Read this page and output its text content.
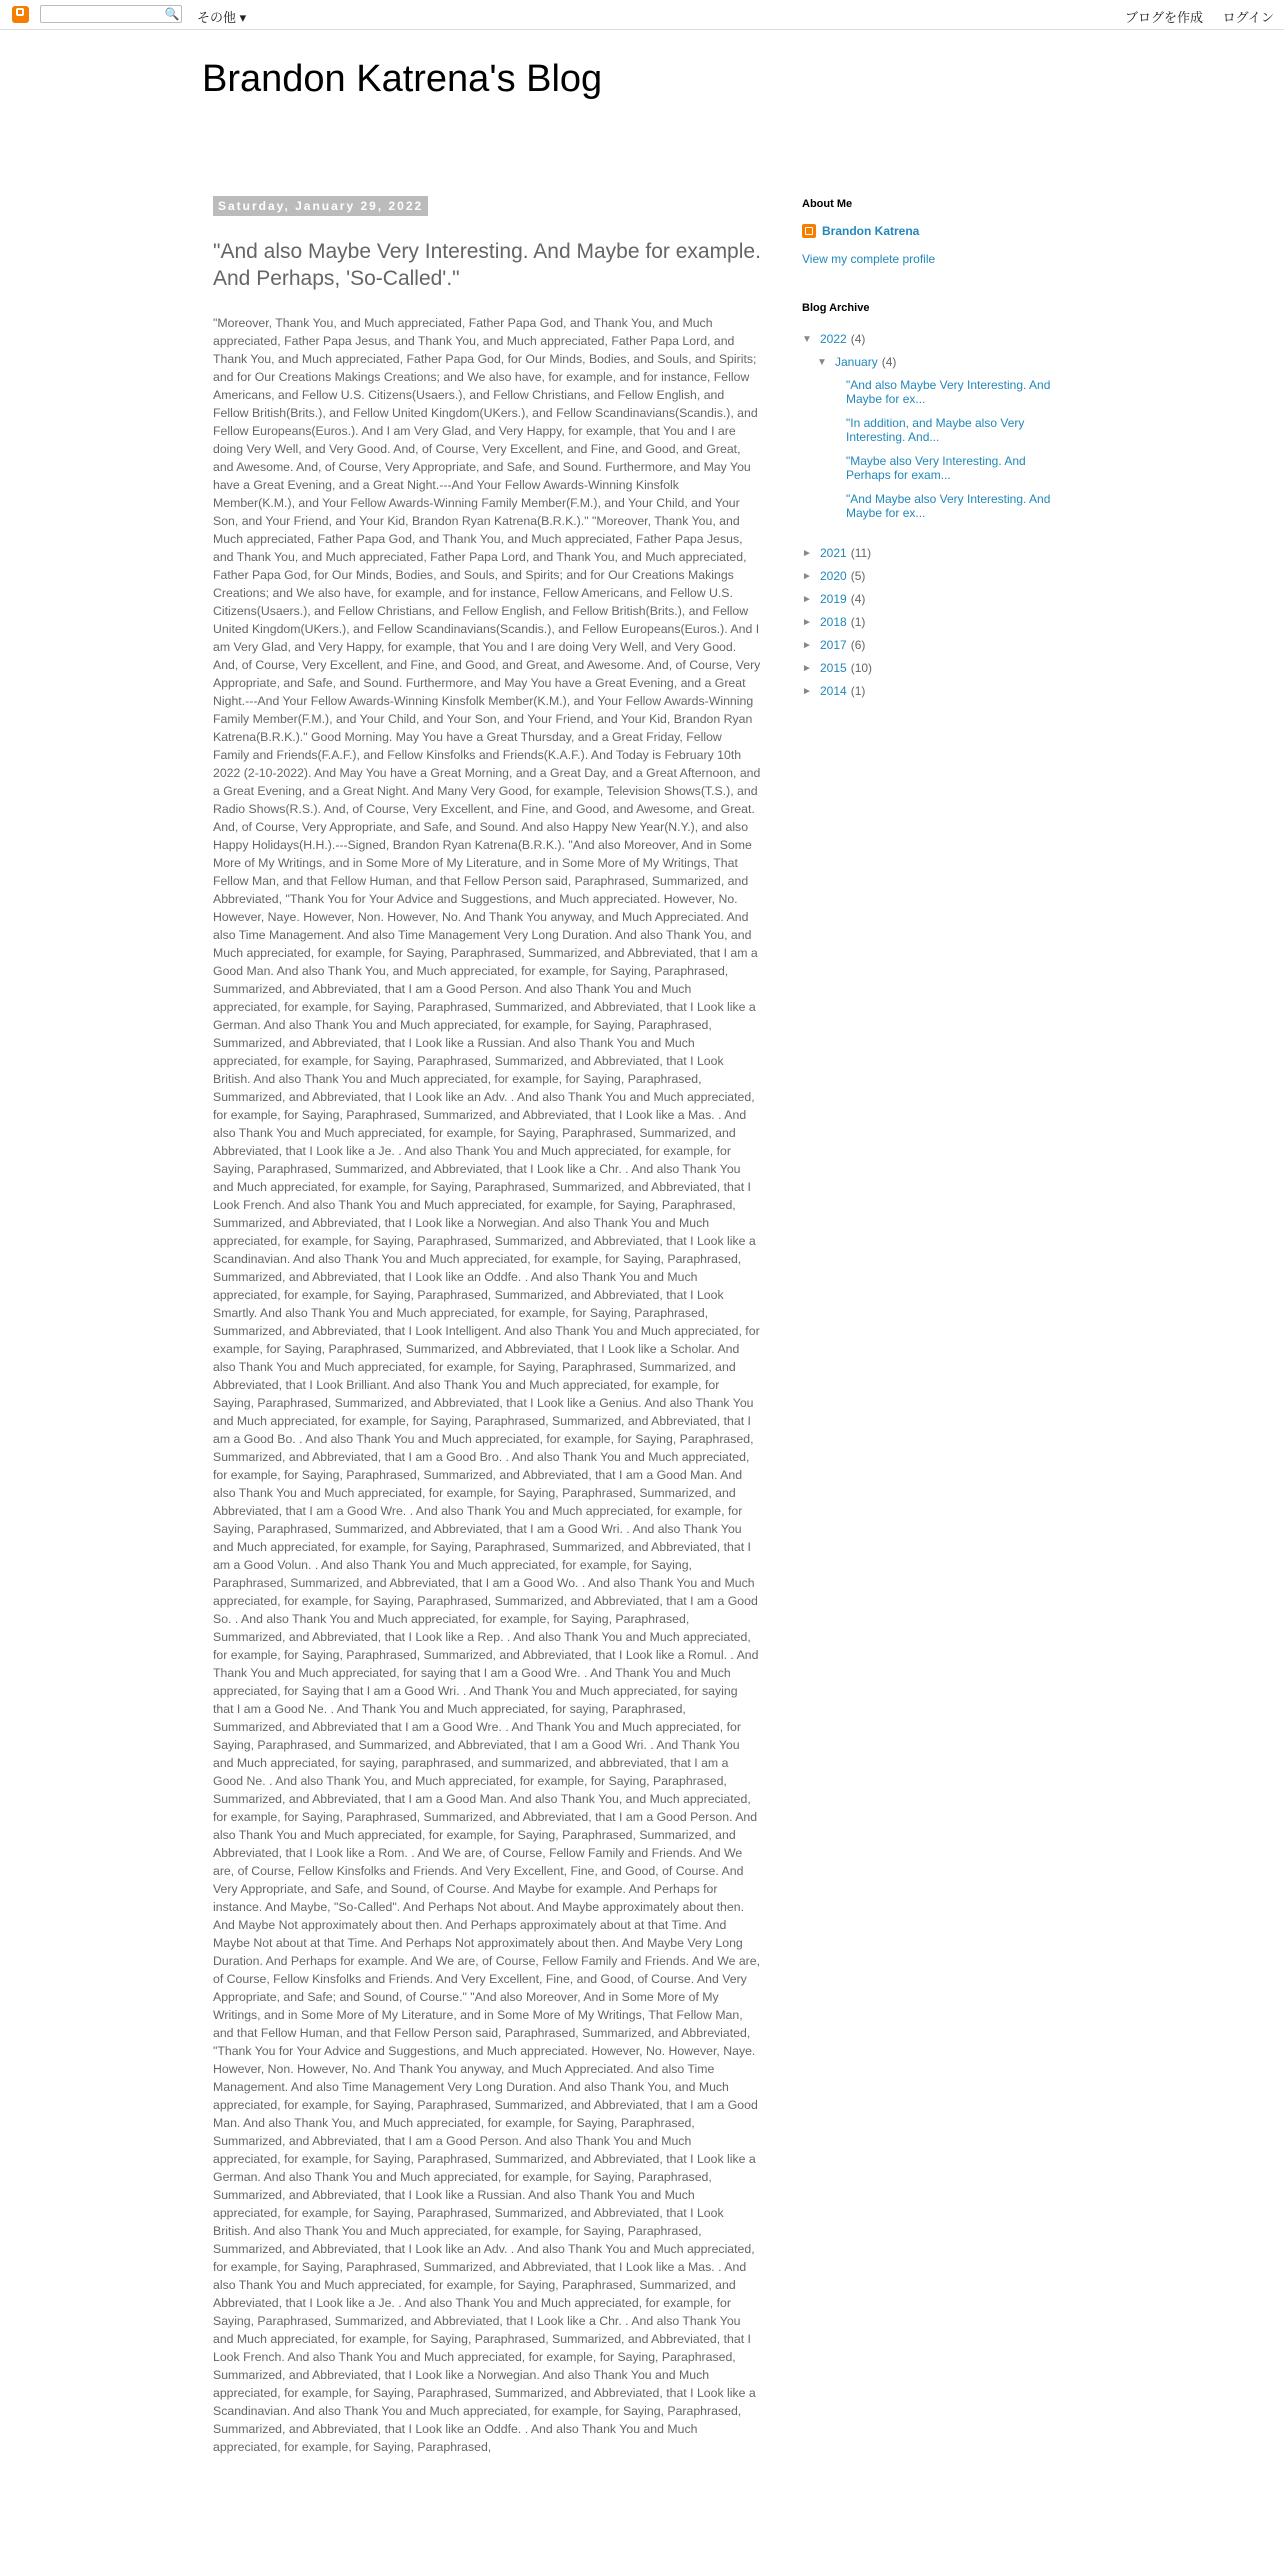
🔍 その他 ▾	ブログを作成 ログイン
Brandon Katrena's Blog
Saturday, January 29, 2022
"And also Maybe Very Interesting. And Maybe for example. And Perhaps, 'So-Called'."

"Moreover, Thank You, and Much appreciated, Father Papa God, and Thank You, and Much appreciated, Father Papa Jesus, and Thank You, and Much appreciated, Father Papa Lord, and Thank You, and Much appreciated, Father Papa God, for Our Minds, Bodies, and Souls, and Spirits; and for Our Creations Makings Creations; and We also have, for example, and for instance, Fellow Americans, and Fellow U.S. Citizens(Usaers.), and Fellow Christians, and Fellow English, and Fellow British(Brits.), and Fellow United Kingdom(UKers.), and Fellow Scandinavians(Scandis.), and Fellow Europeans(Euros.). And I am Very Glad, and Very Happy, for example, that You and I are doing Very Well, and Very Good. And, of Course, Very Excellent, and Fine, and Good, and Great, and Awesome. And, of Course, Very Appropriate, and Safe, and Sound. Furthermore, and May You have a Great Evening, and a Great Night.---And Your Fellow Awards-Winning Kinsfolk Member(K.M.), and Your Fellow Awards-Winning Family Member(F.M.), and Your Child, and Your Son, and Your Friend, and Your Kid, Brandon Ryan Katrena(B.R.K.)." "Moreover, Thank You, and Much appreciated, Father Papa God, and Thank You, and Much appreciated, Father Papa Jesus, and Thank You, and Much appreciated, Father Papa Lord, and Thank You, and Much appreciated, Father Papa God, for Our Minds, Bodies, and Souls, and Spirits; and for Our Creations Makings Creations; and We also have, for example, and for instance, Fellow Americans, and Fellow U.S. Citizens(Usaers.), and Fellow Christians, and Fellow English, and Fellow British(Brits.), and Fellow United Kingdom(UKers.), and Fellow Scandinavians(Scandis.), and Fellow Europeans(Euros.). And I am Very Glad, and Very Happy, for example, that You and I are doing Very Well, and Very Good. And, of Course, Very Excellent, and Fine, and Good, and Great, and Awesome. And, of Course, Very Appropriate, and Safe, and Sound. Furthermore, and May You have a Great Evening, and a Great Night.---And Your Fellow Awards-Winning Kinsfolk Member(K.M.), and Your Fellow Awards-Winning Family Member(F.M.), and Your Child, and Your Son, and Your Friend, and Your Kid, Brandon Ryan Katrena(B.R.K.)." Good Morning. May You have a Great Thursday, and a Great Friday, Fellow Family and Friends(F.A.F.), and Fellow Kinsfolks and Friends(K.A.F.). And Today is February 10th 2022 (2-10-2022). And May You have a Great Morning, and a Great Day, and a Great Afternoon, and a Great Evening, and a Great Night. And Many Very Good, for example, Television Shows(T.S.), and Radio Shows(R.S.). And, of Course, Very Excellent, and Fine, and Good, and Awesome, and Great. And, of Course, Very Appropriate, and Safe, and Sound. And also Happy New Year(N.Y.), and also Happy Holidays(H.H.).---Signed, Brandon Ryan Katrena(B.R.K.). "And also Moreover, And in Some More of My Writings, and in Some More of My Literature, and in Some More of My Writings, That Fellow Man, and that Fellow Human, and that Fellow Person said, Paraphrased, Summarized, and Abbreviated, "Thank You for Your Advice and Suggestions, and Much appreciated. However, No. However, Naye. However, Non. However, No. And Thank You anyway, and Much Appreciated. And also Time Management. And also Time Management Very Long Duration. And also Thank You, and Much appreciated, for example, for Saying, Paraphrased, Summarized, and Abbreviated, that I am a Good Man. And also Thank You, and Much appreciated, for example, for Saying, Paraphrased, Summarized, and Abbreviated, that I am a Good Person. And also Thank You and Much appreciated, for example, for Saying, Paraphrased, Summarized, and Abbreviated, that I Look like a German. And also Thank You and Much appreciated, for example, for Saying, Paraphrased, Summarized, and Abbreviated, that I Look like a Russian. And also Thank You and Much appreciated, for example, for Saying, Paraphrased, Summarized, and Abbreviated, that I Look British. And also Thank You and Much appreciated, for example, for Saying, Paraphrased, Summarized, and Abbreviated, that I Look like an Adv. . And also Thank You and Much appreciated, for example, for Saying, Paraphrased, Summarized, and Abbreviated, that I Look like a Mas. . And also Thank You and Much appreciated, for example, for Saying, Paraphrased, Summarized, and Abbreviated, that I Look like a Je. . And also Thank You and Much appreciated, for example, for Saying, Paraphrased, Summarized, and Abbreviated, that I Look like a Chr. . And also Thank You and Much appreciated, for example, for Saying, Paraphrased, Summarized, and Abbreviated, that I Look French. And also Thank You and Much appreciated, for example, for Saying, Paraphrased, Summarized, and Abbreviated, that I Look like a Norwegian. And also Thank You and Much appreciated, for example, for Saying, Paraphrased, Summarized, and Abbreviated, that I Look like a Scandinavian. And also Thank You and Much appreciated, for example, for Saying, Paraphrased, Summarized, and Abbreviated, that I Look like an Oddfe. . And also Thank You and Much appreciated, for example, for Saying, Paraphrased, Summarized, and Abbreviated, that I Look Smartly. And also Thank You and Much appreciated, for example, for Saying, Paraphrased, Summarized, and Abbreviated, that I Look Intelligent. And also Thank You and Much appreciated, for example, for Saying, Paraphrased, Summarized, and Abbreviated, that I Look like a Scholar. And also Thank You and Much appreciated, for example, for Saying, Paraphrased, Summarized, and Abbreviated, that I Look Brilliant. And also Thank You and Much appreciated, for example, for Saying, Paraphrased, Summarized, and Abbreviated, that I Look like a Genius. And also Thank You and Much appreciated, for example, for Saying, Paraphrased, Summarized, and Abbreviated, that I am a Good Bo. . And also Thank You and Much appreciated, for example, for Saying, Paraphrased, Summarized, and Abbreviated, that I am a Good Bro. . And also Thank You and Much appreciated, for example, for Saying, Paraphrased, Summarized, and Abbreviated, that I am a Good Man. And also Thank You and Much appreciated, for example, for Saying, Paraphrased, Summarized, and Abbreviated, that I am a Good Wre. . And also Thank You and Much appreciated, for example, for Saying, Paraphrased, Summarized, and Abbreviated, that I am a Good Wri. . And also Thank You and Much appreciated, for example, for Saying, Paraphrased, Summarized, and Abbreviated, that I am a Good Volun. . And also Thank You and Much appreciated, for example, for Saying, Paraphrased, Summarized, and Abbreviated, that I am a Good Wo. . And also Thank You and Much appreciated, for example, for Saying, Paraphrased, Summarized, and Abbreviated, that I am a Good So. . And also Thank You and Much appreciated, for example, for Saying, Paraphrased, Summarized, and Abbreviated, that I Look like a Rep. . And also Thank You and Much appreciated, for example, for Saying, Paraphrased, Summarized, and Abbreviated, that I Look like a Romul. . And Thank You and Much appreciated, for saying that I am a Good Wre. . And Thank You and Much appreciated, for Saying that I am a Good Wri. . And Thank You and Much appreciated, for saying that I am a Good Ne. . And Thank You and Much appreciated, for saying, Paraphrased, Summarized, and Abbreviated that I am a Good Wre. . And Thank You and Much appreciated, for Saying, Paraphrased, and Summarized, and Abbreviated, that I am a Good Wri. . And Thank You and Much appreciated, for saying, paraphrased, and summarized, and abbreviated, that I am a Good Ne. . And also Thank You, and Much appreciated, for example, for Saying, Paraphrased, Summarized, and Abbreviated, that I am a Good Man. And also Thank You, and Much appreciated, for example, for Saying, Paraphrased, Summarized, and Abbreviated, that I am a Good Person. And also Thank You and Much appreciated, for example, for Saying, Paraphrased, Summarized, and Abbreviated, that I Look like a Rom. . And We are, of Course, Fellow Family and Friends. And We are, of Course, Fellow Kinsfolks and Friends. And Very Excellent, Fine, and Good, of Course. And Very Appropriate, and Safe, and Sound, of Course. And Maybe for example. And Perhaps for instance. And Maybe, "So-Called". And Perhaps Not about. And Maybe approximately about then. And Maybe Not approximately about then. And Perhaps approximately about at that Time. And Maybe Not about at that Time. And Perhaps Not approximately about then. And Maybe Very Long Duration. And Perhaps for example. And We are, of Course, Fellow Family and Friends. And We are, of Course, Fellow Kinsfolks and Friends. And Very Excellent, Fine, and Good, of Course. And Very Appropriate, and Safe; and Sound, of Course." "And also Moreover, And in Some More of My Writings, and in Some More of My Literature, and in Some More of My Writings, That Fellow Man, and that Fellow Human, and that Fellow Person said, Paraphrased, Summarized, and Abbreviated, "Thank You for Your Advice and Suggestions, and Much appreciated. However, No. However, Naye. However, Non. However, No. And Thank You anyway, and Much Appreciated. And also Time Management. And also Time Management Very Long Duration. And also Thank You, and Much appreciated, for example, for Saying, Paraphrased, Summarized, and Abbreviated, that I am a Good Man. And also Thank You, and Much appreciated, for example, for Saying, Paraphrased, Summarized, and Abbreviated, that I am a Good Person. And also Thank You and Much appreciated, for example, for Saying, Paraphrased, Summarized, and Abbreviated, that I Look like a German. And also Thank You and Much appreciated, for example, for Saying, Paraphrased, Summarized, and Abbreviated, that I Look like a Russian. And also Thank You and Much appreciated, for example, for Saying, Paraphrased, Summarized, and Abbreviated, that I Look British. And also Thank You and Much appreciated, for example, for Saying, Paraphrased, Summarized, and Abbreviated, that I Look like an Adv. . And also Thank You and Much appreciated, for example, for Saying, Paraphrased, Summarized, and Abbreviated, that I Look like a Mas. . And also Thank You and Much appreciated, for example, for Saying, Paraphrased, Summarized, and Abbreviated, that I Look like a Je. . And also Thank You and Much appreciated, for example, for Saying, Paraphrased, Summarized, and Abbreviated, that I Look like a Chr. . And also Thank You and Much appreciated, for example, for Saying, Paraphrased, Summarized, and Abbreviated, that I Look French. And also Thank You and Much appreciated, for example, for Saying, Paraphrased, Summarized, and Abbreviated, that I Look like a Norwegian. And also Thank You and Much appreciated, for example, for Saying, Paraphrased, Summarized, and Abbreviated, that I Look like a Scandinavian. And also Thank You and Much appreciated, for example, for Saying, Paraphrased, Summarized, and Abbreviated, that I Look like an Oddfe. . And also Thank You and Much appreciated, for example, for Saying, Paraphrased,

About Me
Brandon Katrena
View my complete profile
Blog Archive
▼ 2022 (4)
▼ January (4)
"And also Maybe Very Interesting. And Maybe for ex...
"In addition, and Maybe also Very Interesting. And...
"Maybe also Very Interesting. And Perhaps for exam...
"And Maybe also Very Interesting. And Maybe for ex...
► 2021 (11)
► 2020 (5)
► 2019 (4)
► 2018 (1)
► 2017 (6)
► 2015 (10)
► 2014 (1)
